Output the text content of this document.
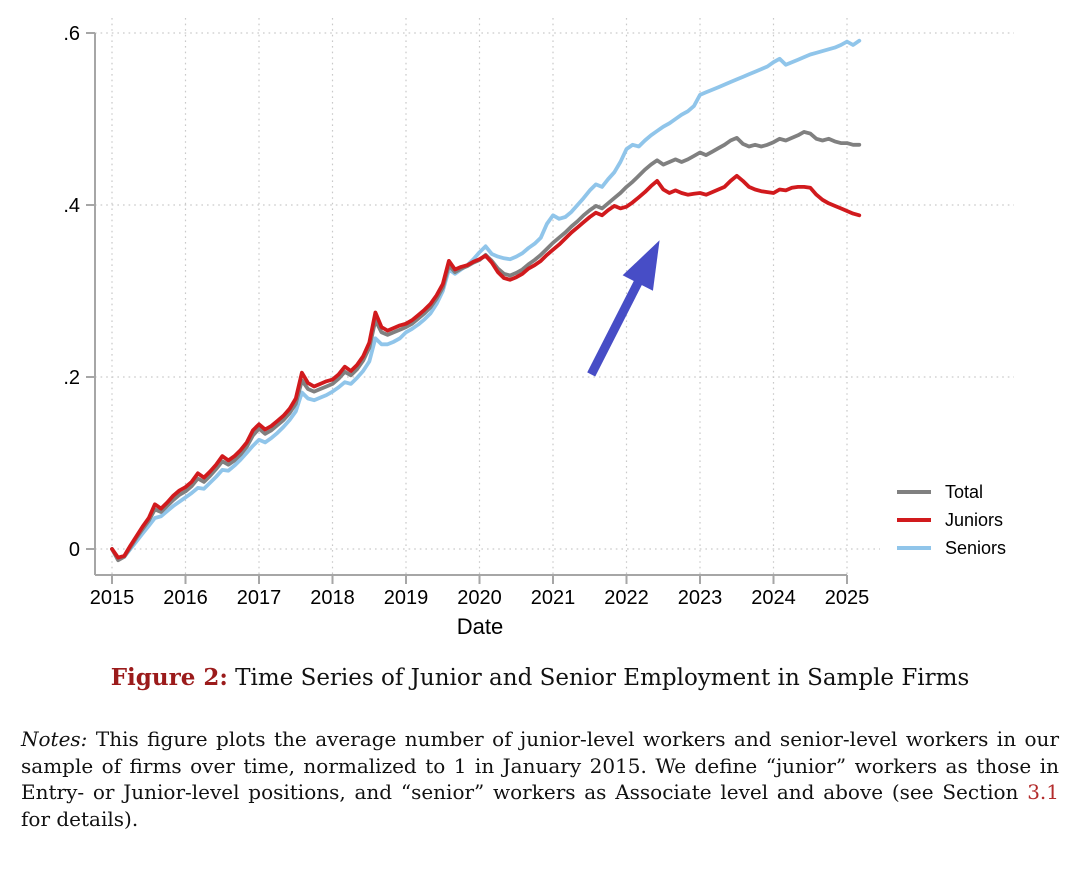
0
.2
.4
.6
2015 2016 2017 2018 2019 2020 2021 2022 2023 2024 2025
Date
Total
Juniors
Seniors
Figure 2: Time Series of Junior and Senior Employment in Sample Firms
Notes: This figure plots the average number of junior-level workers and senior-level workers in our sample of firms over time, normalized to 1 in January 2015. We define “junior” workers as those in Entry- or Junior-level positions, and “senior” workers as Associate level and above (see Section 3.1 for details).
